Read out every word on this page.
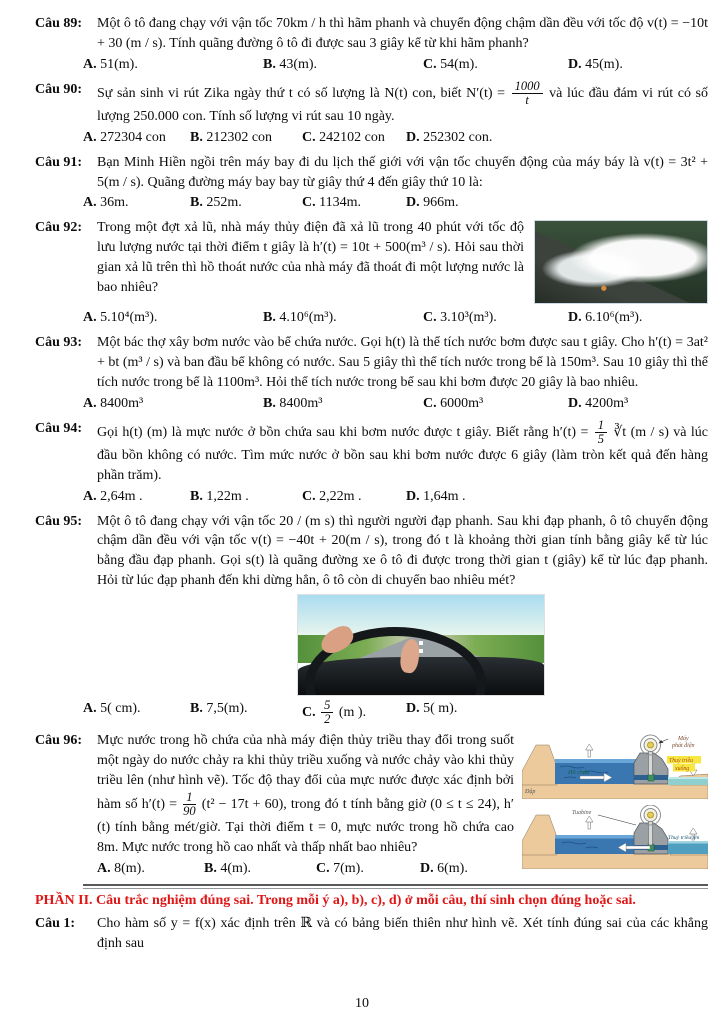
Câu 89:	Một ô tô đang chạy với vận tốc 70km / h thì hãm phanh và chuyển động chậm dần đều với tốc độ v(t) = −10t + 30 (m / s). Tính quãng đường ô tô đi được sau 3 giây kể từ khi hãm phanh?
A. 51(m).	B. 43(m).	C. 54(m).	D. 45(m).
Câu 90:	Sự sản sinh vi rút Zika ngày thứ t có số lượng là N(t) con, biết $N'(t) = \frac{1000}{t}$ và lúc đầu đám vi rút có số lượng 250.000 con. Tính số lượng vi rút sau 10 ngày.
A. 272304 con	B. 212302 con	C. 242102 con	D. 252302 con.
Câu 91:	Bạn Minh Hiền ngồi trên máy bay đi du lịch thế giới với vận tốc chuyển động của máy báy là v(t) = 3t² + 5(m / s). Quãng đường máy bay bay từ giây thứ 4 đến giây thứ 10 là:
A. 36m.	B. 252m.	C. 1134m.	D. 966m.
Câu 92:	Trong một đợt xả lũ, nhà máy thủy điện đã xả lũ trong 40 phút với tốc độ lưu lượng nước tại thời điểm t giây là h′(t) = 10t + 500(m³ / s). Hỏi sau thời gian xả lũ trên thì hồ thoát nước của nhà máy đã thoát đi một lượng nước là bao nhiêu?
A. 5.10⁴(m³).	B. 4.10⁶(m³).	C. 3.10³(m³).	D. 6.10⁶(m³).
Câu 93:	Một bác thợ xây bơm nước vào bể chứa nước. Gọi h(t) là thể tích nước bơm được sau t giây. Cho h′(t) = 3at² + bt (m³ / s) và ban đầu bể không có nước. Sau 5 giây thì thể tích nước trong bể là 150m³. Sau 10 giây thì thể tích nước trong bể là 1100m³. Hỏi thể tích nước trong bể sau khi bơm được 20 giây là bao nhiêu.
A. 8400m³	B. 8400m³	C. 6000m³	D. 4200m³
Câu 94:	Gọi h(t) (m) là mực nước ở bồn chứa sau khi bơm nước được t giây. Biết rằng $h'(t) = \frac{1}{5}$ ∛t (m / s) và lúc đầu bồn không có nước. Tìm mức nước ở bồn sau khi bơm nước được 6 giây (làm tròn kết quả đến hàng phần trăm).
A. 2,64m .	B. 1,22m .	C. 2,22m .	D. 1,64m .
Câu 95:	Một ô tô đang chạy với vận tốc 20 / (m s) thì người người đạp phanh. Sau khi đạp phanh, ô tô chuyển động chậm dần đều với vận tốc v(t) = −40t + 20(m / s), trong đó t là khoảng thời gian tính bằng giây kể từ lúc bằng đầu đạp phanh. Gọi s(t) là quãng đường xe ô tô đi được trong thời gian t (giây) kể từ lúc đạp phanh. Hỏi từ lúc đạp phanh đến khi dừng hẳn, ô tô còn di chuyển bao nhiêu mét?
A. 5( cm).	B. 7,5(m).	C. $\frac{5}{2} (m$ ).	D. 5( m).
Câu 96:	Máy
phát điện
Thuỷ triều
xuống
Hồ chứa
Đập
Tuabine
Thuỷ triều lên
Mực nước trong hồ chứa của nhà máy điện thủy triều thay đổi trong suốt một ngày do nước chảy ra khi thủy triều xuống và nước chảy vào khi thủy triều lên (như hình vẽ). Tốc độ thay đổi của mực nước được xác định bởi hàm số $h'(t) = \frac{1}{90} (t^2 - 17t + 60)$, trong đó t tính bằng giờ (0 ≤ t ≤ 24), h′(t) tính bằng mét/giờ. Tại thời điểm t = 0, mực nước trong hồ chứa cao 8m. Mực nước trong hồ cao nhất và thấp nhất bao nhiêu?
A. 8(m).	B. 4(m).	C. 7(m).	D. 6(m).
PHẦN II. Câu trắc nghiệm đúng sai. Trong mỗi ý a), b), c), d) ở mỗi câu, thí sinh chọn đúng hoặc sai.
Câu 1:	Cho hàm số y = f(x) xác định trên ℝ và có bảng biến thiên như hình vẽ. Xét tính đúng sai của các khẳng định sau
10
